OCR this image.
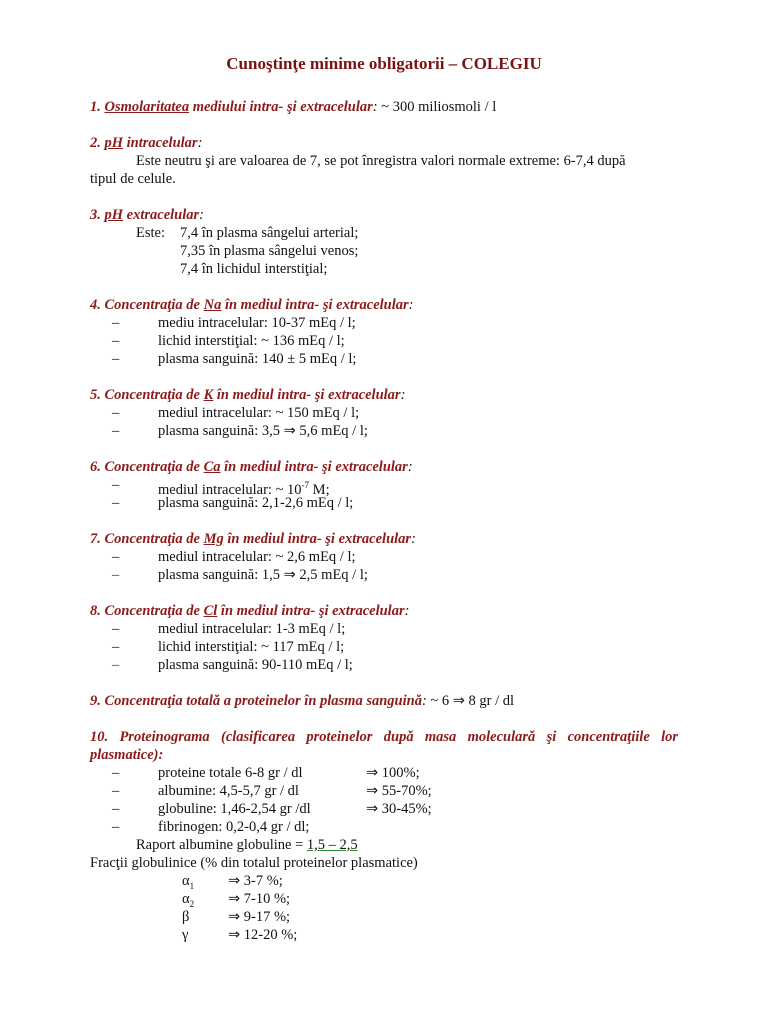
Cunoştinţe minime obligatorii – COLEGIU
1. Osmolaritatea mediului intra- şi extracelular: ~ 300 miliosmoli / l
2. pH intracelular:
Este neutru şi are valoarea de 7, se pot înregistra valori normale extreme: 6-7,4 după
tipul de celule.
3. pH extracelular:
Este: 7,4 în plasma sângelui arterial;
7,35 în plasma sângelui venos;
7,4 în lichidul interstiţial;
4. Concentraţia de Na în mediul intra- şi extracelular:
–	mediu intracelular: 10-37 mEq / l;
–	lichid interstiţial: ~ 136 mEq / l;
–	plasma sanguină: 140 ± 5 mEq / l;
5. Concentraţia de K în mediul intra- şi extracelular:
–	mediul intracelular: ~ 150 mEq / l;
–	plasma sanguină: 3,5 ⇒ 5,6 mEq / l;
6. Concentraţia de Ca în mediul intra- şi extracelular:
–	mediul intracelular: ~ $10^{-7}$ M;
–	plasma sanguină: 2,1-2,6 mEq / l;
7. Concentraţia de Mg în mediul intra- şi extracelular:
–	mediul intracelular: ~ 2,6 mEq / l;
–	plasma sanguină: 1,5 ⇒ 2,5 mEq / l;
8. Concentraţia de Cl în mediul intra- şi extracelular:
–	mediul intracelular: 1-3 mEq / l;
–	lichid interstiţial: ~ 117 mEq / l;
–	plasma sanguină: 90-110 mEq / l;
9. Concentraţia totală a proteinelor în plasma sanguină: ~ 6 ⇒ 8 gr / dl
10. Proteinograma (clasificarea proteinelor după masa moleculară şi concentraţiile lor
plasmatice):
–	proteine totale 6-8 gr / dl	⇒ 100%;
–	albumine: 4,5-5,7 gr / dl	⇒ 55-70%;
–	globuline: 1,46-2,54 gr /dl	⇒ 30-45%;
–	fibrinogen: 0,2-0,4 gr / dl;
Raport albumine globuline = 1,5 – 2,5
Fracţii globulinice (% din totalul proteinelor plasmatice)
$\alpha_1$ ⇒ 3-7 %;
$\alpha_2$ ⇒ 7-10 %;
β	⇒ 9-17 %;
γ	⇒ 12-20 %;
